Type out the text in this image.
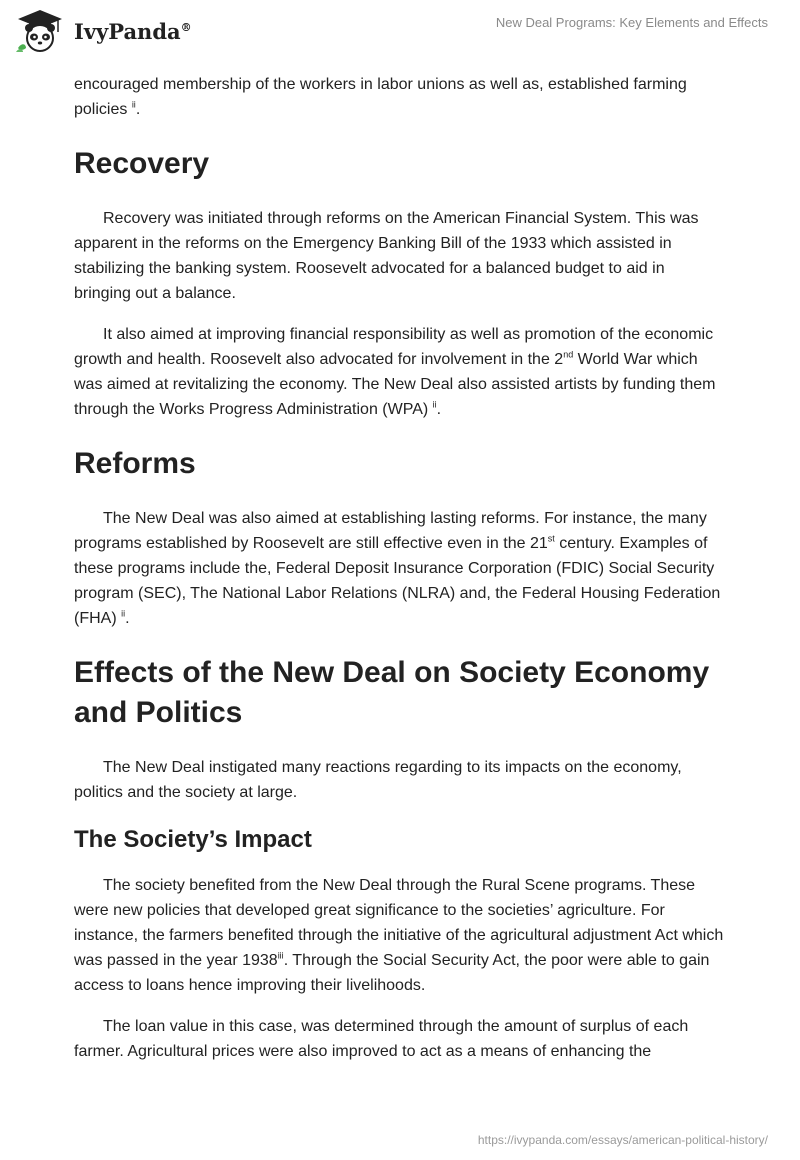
IvyPanda®	New Deal Programs: Key Elements and Effects

encouraged membership of the workers in labor unions as well as, established farming policies $^{ii}$.

Recovery

Recovery was initiated through reforms on the American Financial System. This was apparent in the reforms on the Emergency Banking Bill of the 1933 which assisted in stabilizing the banking system. Roosevelt advocated for a balanced budget to aid in bringing out a balance.

It also aimed at improving financial responsibility as well as promotion of the economic growth and health. Roosevelt also advocated for involvement in the 2nd World War which was aimed at revitalizing the economy. The New Deal also assisted artists by funding them through the Works Progress Administration (WPA) $^{ii}$.

Reforms

The New Deal was also aimed at establishing lasting reforms. For instance, the many programs established by Roosevelt are still effective even in the 21st century. Examples of these programs include the, Federal Deposit Insurance Corporation (FDIC) Social Security program (SEC), The National Labor Relations (NLRA) and, the Federal Housing Federation (FHA) $^{ii}$.

Effects of the New Deal on Society Economy and Politics

The New Deal instigated many reactions regarding to its impacts on the economy, politics and the society at large.

The Society’s Impact

The society benefited from the New Deal through the Rural Scene programs. These were new policies that developed great significance to the societies’ agriculture. For instance, the farmers benefited through the initiative of the agricultural adjustment Act which was passed in the year 1938$^{iii}$. Through the Social Security Act, the poor were able to gain access to loans hence improving their livelihoods.

The loan value in this case, was determined through the amount of surplus of each farmer. Agricultural prices were also improved to act as a means of enhancing the

https://ivypanda.com/essays/american-political-history/
